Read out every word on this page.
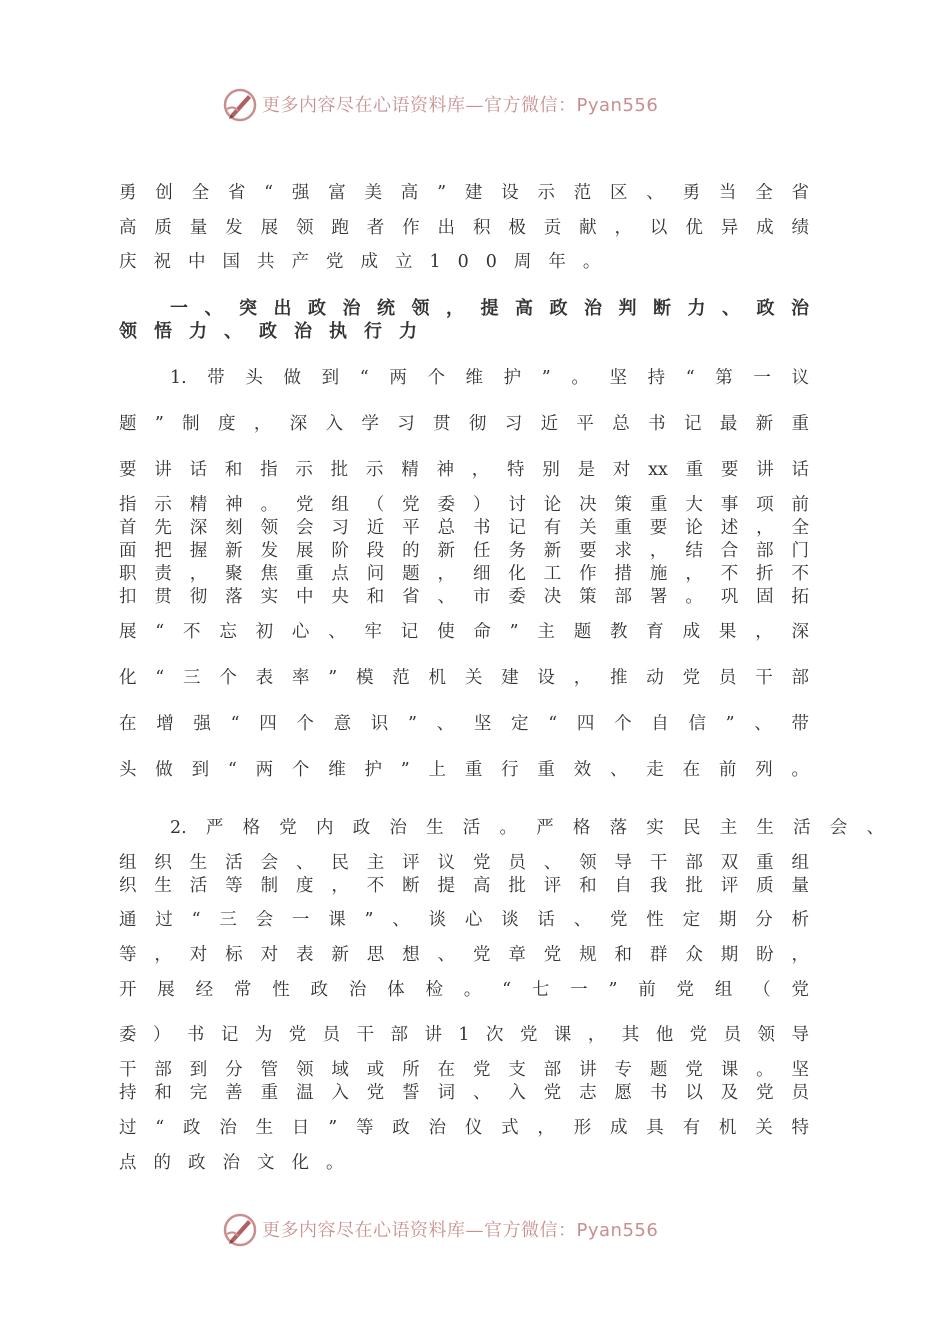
更多内容尽在心语资料库—官方微信：Pyan556
勇创全省“强富美高”建设示范区、勇当全省
高质量发展领跑者作出积极贡献，以优异成绩
庆祝中国共产党成立100周年。
一、突出政治统领，提高政治判断力、政治
领悟力、政治执行力
1.带头做到“两个维护”。坚持“第一议
题”制度，深入学习贯彻习近平总书记最新重
要讲话和指示批示精神，特别是对xx重要讲话
指示精神。党组（党委）讨论决策重大事项前
首先深刻领会习近平总书记有关重要论述，全
面把握新发展阶段的新任务新要求，结合部门
职责，聚焦重点问题，细化工作措施，不折不
扣贯彻落实中央和省、市委决策部署。巩固拓
展“不忘初心、牢记使命”主题教育成果，深
化“三个表率”模范机关建设，推动党员干部
在增强“四个意识”、坚定“四个自信”、带
头做到“两个维护”上重行重效、走在前列。
2.严格党内政治生活。严格落实民主生活会、
组织生活会、民主评议党员、领导干部双重组
织生活等制度，不断提高批评和自我批评质量
通过“三会一课”、谈心谈话、党性定期分析
等，对标对表新思想、党章党规和群众期盼，
开展经常性政治体检。“七一”前党组（党
委）书记为党员干部讲1次党课，其他党员领导
干部到分管领域或所在党支部讲专题党课。坚
持和完善重温入党誓词、入党志愿书以及党员
过“政治生日”等政治仪式，形成具有机关特
点的政治文化。
更多内容尽在心语资料库—官方微信：Pyan556
